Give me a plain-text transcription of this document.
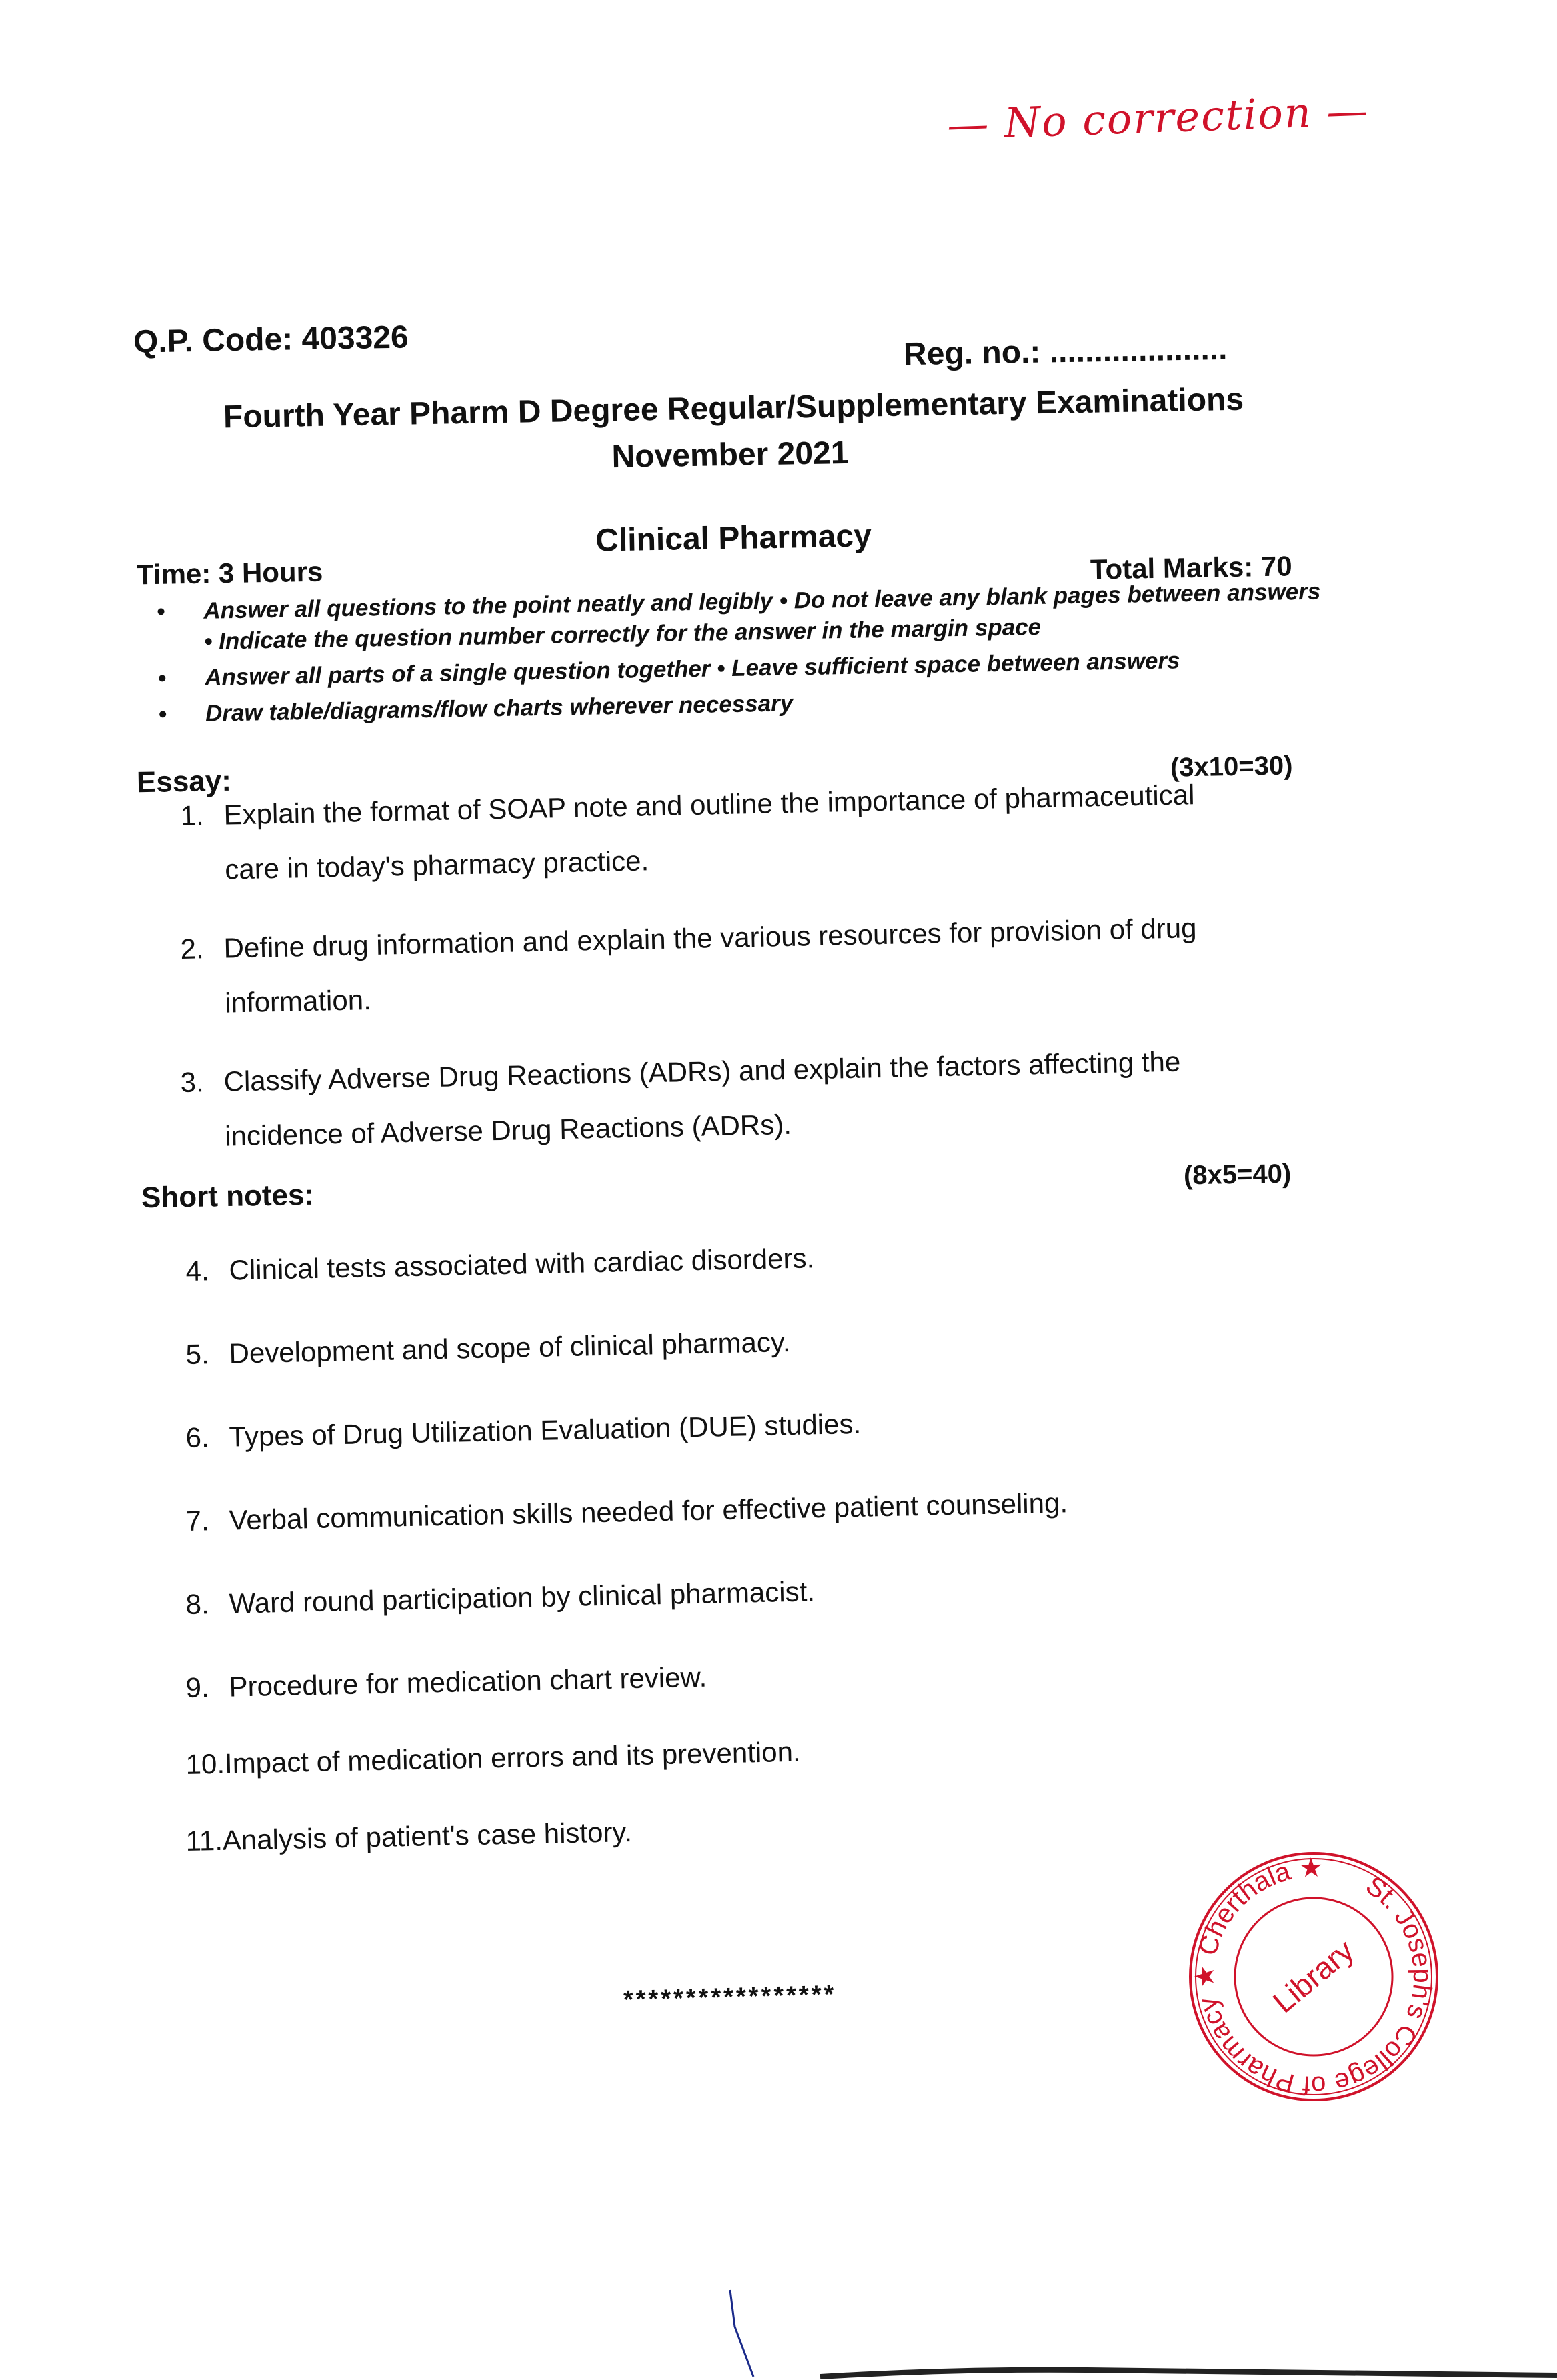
— No correction —
Q.P. Code: 403326	Reg. no.: ....................
Fourth Year Pharm D Degree Regular/Supplementary Examinations
November 2021
Clinical Pharmacy
Time: 3 Hours	Total Marks: 70
• Answer all questions to the point neatly and legibly • Do not leave any blank pages between answers • Indicate the question number correctly for the answer in the margin space
• Answer all parts of a single question together • Leave sufficient space between answers
• Draw table/diagrams/flow charts wherever necessary
Essay:	(3x10=30)
1. Explain the format of SOAP note and outline the importance of pharmaceutical
care in today's pharmacy practice.
2. Define drug information and explain the various resources for provision of drug
information.
3. Classify Adverse Drug Reactions (ADRs) and explain the factors affecting the
incidence of Adverse Drug Reactions (ADRs).
Short notes:
(8x5=40)
4. Clinical tests associated with cardiac disorders.
5. Development and scope of clinical pharmacy.
6. Types of Drug Utilization Evaluation (DUE) studies.
7. Verbal communication skills needed for effective patient counseling.
8. Ward round participation by clinical pharmacist.
9. Procedure for medication chart review.
10.Impact of medication errors and its prevention.
11.Analysis of patient's case history.
*****************
St. Joseph's College of Pharmacy ★ Cherthala ★
Library
